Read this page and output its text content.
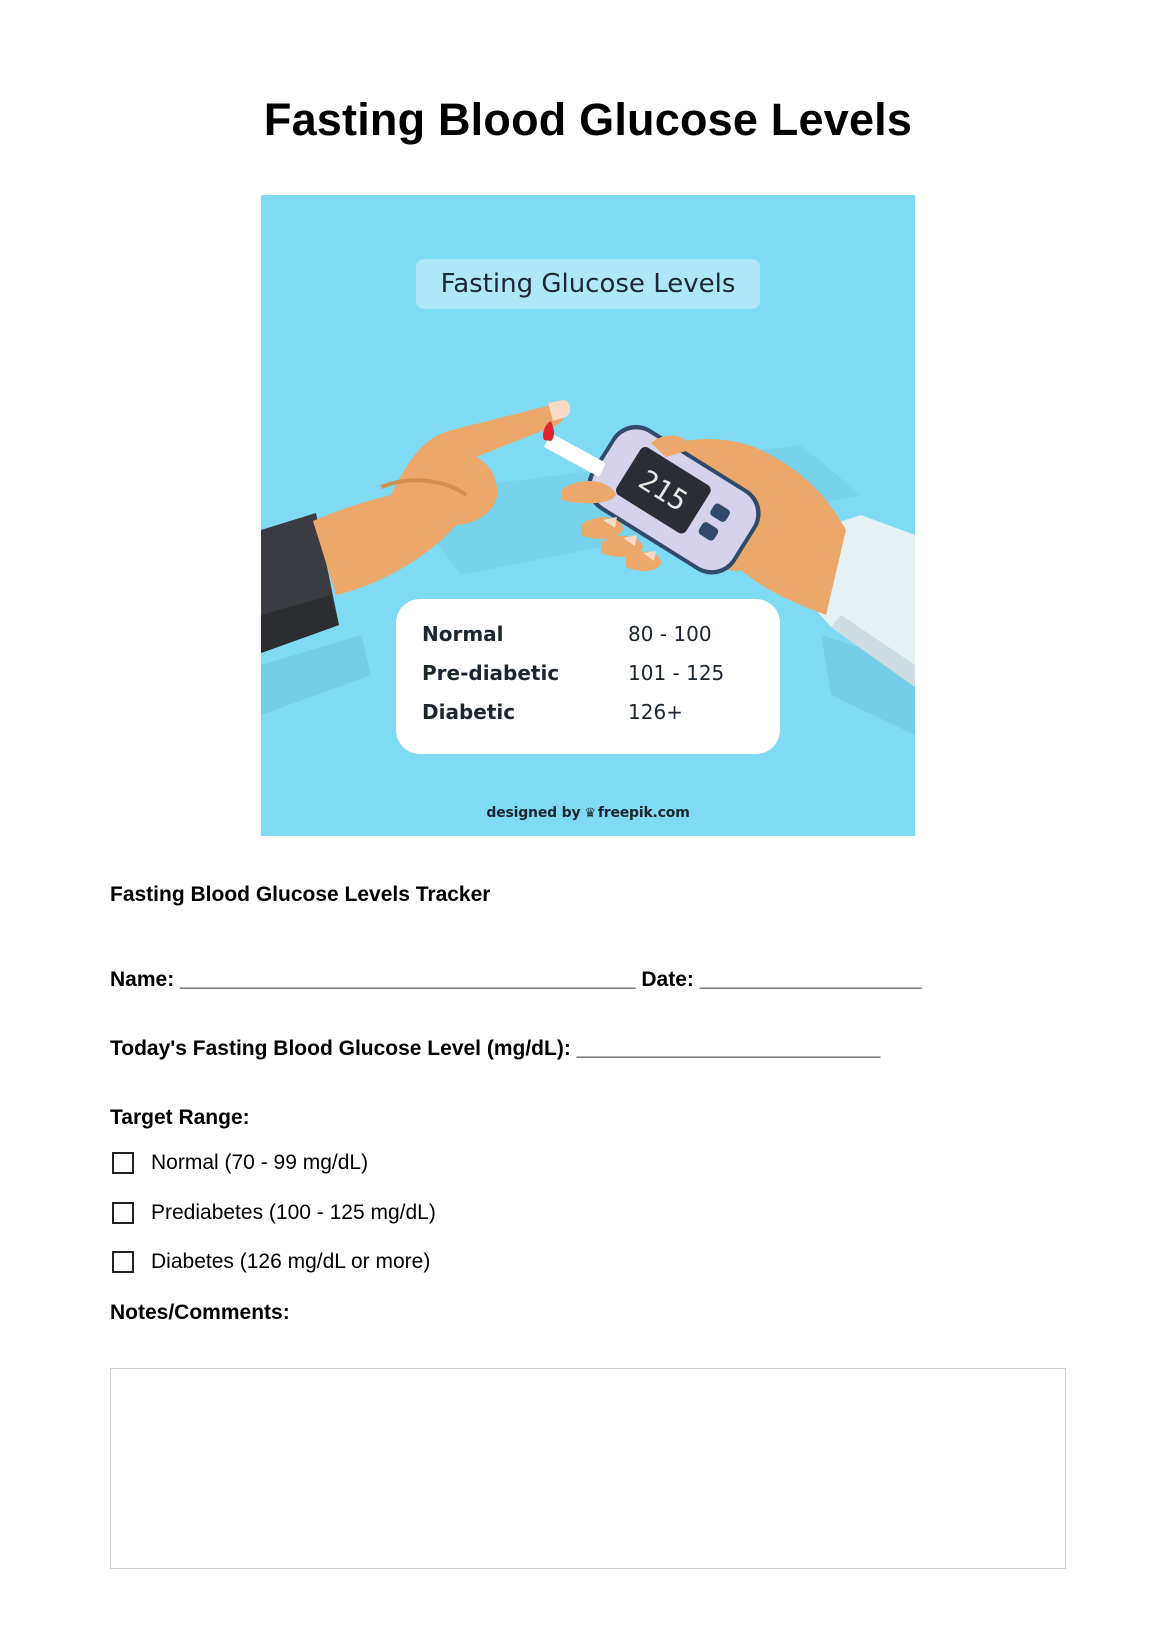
Fasting Blood Glucose Levels
215
Fasting Glucose Levels
Normal	80 - 100
Pre-diabetic	101 - 125
Diabetic	126+
designed by ♛ freepik.com
Fasting Blood Glucose Levels Tracker
Name: _______________________________________ Date: ___________________
Today's Fasting Blood Glucose Level (mg/dL): __________________________
Target Range:
Normal (70 - 99 mg/dL)
Prediabetes (100 - 125 mg/dL)
Diabetes (126 mg/dL or more)
Notes/Comments:
